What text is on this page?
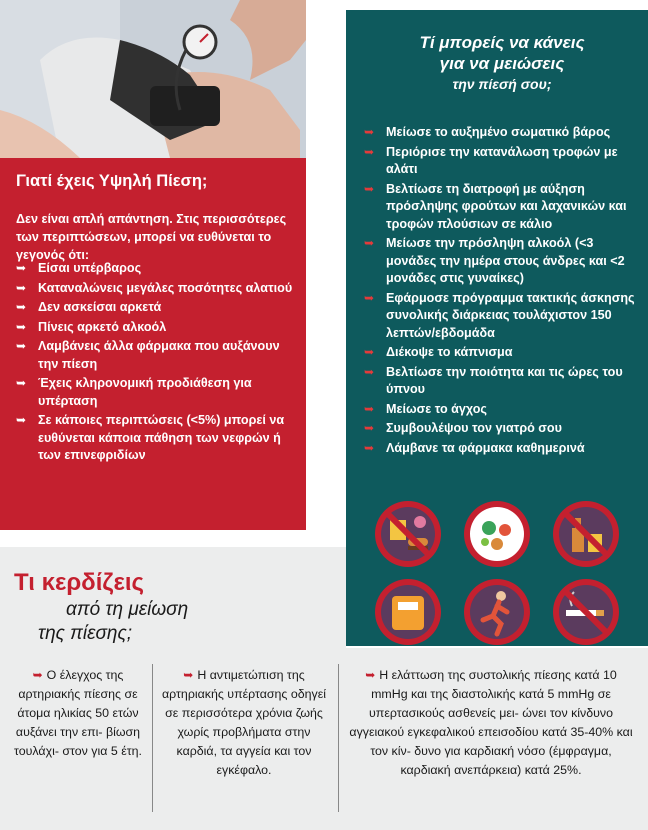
Γιατί έχεις Υψηλή Πίεση;
Δεν είναι απλή απάντηση. Στις περισσότερες των περιπτώσεων, μπορεί να ευθύνεται το γεγονός ότι:
➥ Είσαι υπέρβαρος
➥ Καταναλώνεις μεγάλες ποσότητες αλατιού
➥ Δεν ασκείσαι αρκετά
➥ Πίνεις αρκετό αλκοόλ
➥ Λαμβάνεις άλλα φάρμακα που αυξάνουν την πίεση
➥ Έχεις κληρονομική προδιάθεση για υπέρταση
➥ Σε κάποιες περιπτώσεις (<5%) μπορεί να ευθύνεται κάποια πάθηση των νεφρών ή των επινεφριδίων
Τί μπορείς να κάνεις
για να μειώσεις
την πίεσή σου;
➥ Μείωσε το αυξημένο σωματικό βάρος
➥ Περιόρισε την κατανάλωση τροφών με αλάτι
➥ Βελτίωσε τη διατροφή με αύξηση πρόσληψης φρούτων και λαχανικών και τροφών πλούσιων σε κάλιο
➥ Μείωσε την πρόσληψη αλκοόλ (<3 μονάδες την ημέρα στους άνδρες και <2 μονάδες στις γυναίκες)
➥ Εφάρμοσε πρόγραμμα τακτικής άσκησης συνολικής διάρκειας τουλάχιστον 150 λεπτών/εβδομάδα
➥ Διέκοψε το κάπνισμα
➥ Βελτίωσε την ποιότητα και τις ώρες του ύπνου
➥ Μείωσε το άγχος
➥ Συμβουλέψου τον γιατρό σου
➥ Λάμβανε τα φάρμακα καθημερινά
Τι κερδίζεις
από τη μείωση
της πίεσης;
➥ Ο έλεγχος της αρτηριακής πίεσης σε άτομα ηλικίας 50 ετών αυξάνει την επι- βίωση τουλάχι- στον για 5 έτη.
➥ Η αντιμετώπιση της αρτηριακής υπέρτασης οδηγεί σε περισσότερα χρόνια ζωής χωρίς προβλήματα στην καρδιά, τα αγγεία και τον εγκέφαλο.
➥ Η ελάττωση της συστολικής πίεσης κατά 10 mmHg και της διαστολικής κατά 5 mmHg σε υπερτασικούς ασθενείς μει- ώνει τον κίνδυνο αγγειακού εγκεφαλικού επεισοδίου κατά 35-40% και τον κίν- δυνο για καρδιακή νόσο (έμφραγμα, καρδιακή ανεπάρκεια) κατά 25%.
